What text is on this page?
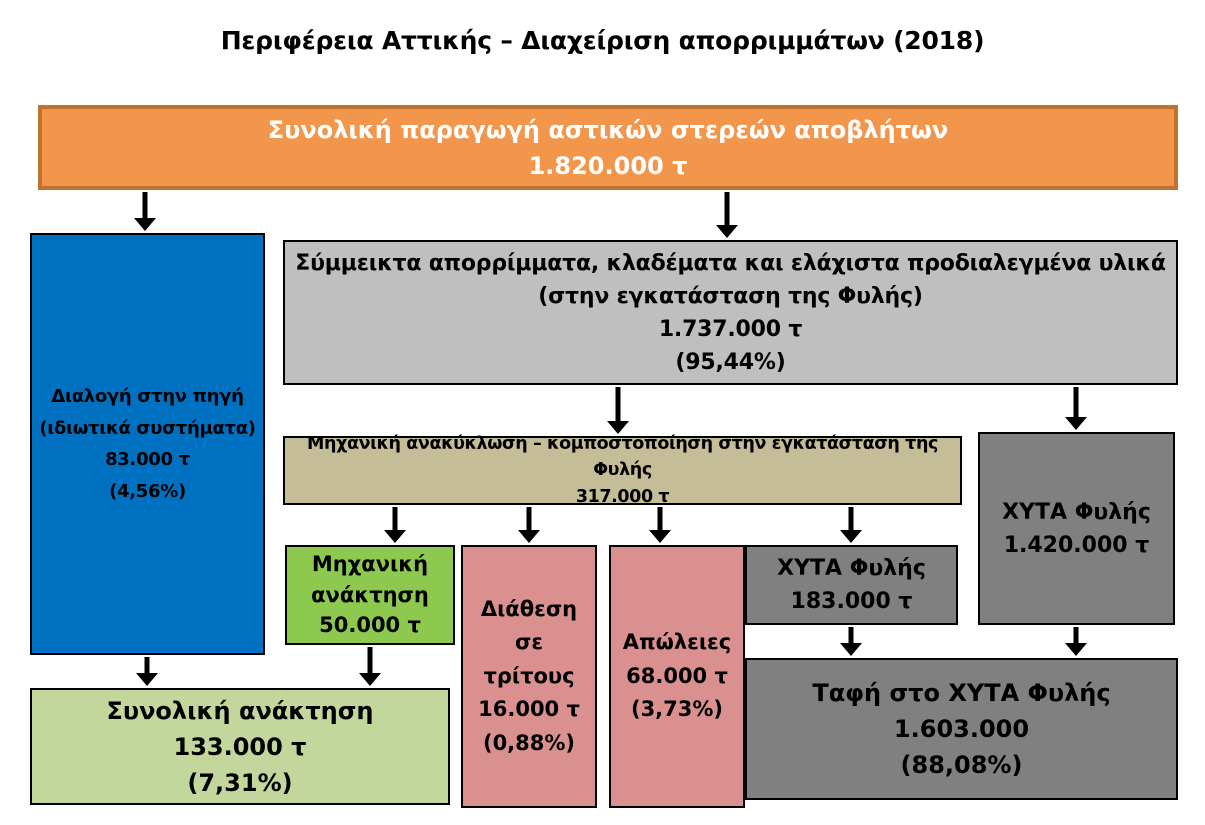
Περιφέρεια Αττικής – Διαχείριση απορριμμάτων (2018)
Συνολική παραγωγή αστικών στερεών αποβλήτων
1.820.000 τ
Διαλογή στην πηγή
(ιδιωτικά συστήματα)
83.000 τ
(4,56%)
Σύμμεικτα απορρίμματα, κλαδέματα και ελάχιστα προδιαλεγμένα υλικά
(στην εγκατάσταση της Φυλής)
1.737.000 τ
(95,44%)
Μηχανική ανακύκλωση – κομποστοποίηση στην εγκατάσταση της Φυλής
317.000 τ
ΧΥΤΑ Φυλής
1.420.000 τ
Μηχανική
ανάκτηση
50.000 τ
Διάθεση
σε
τρίτους
16.000 τ
(0,88%)
Απώλειες
68.000 τ
(3,73%)
ΧΥΤΑ Φυλής
183.000 τ
Συνολική ανάκτηση
133.000 τ
(7,31%)
Ταφή στο ΧΥΤΑ Φυλής
1.603.000
(88,08%)
